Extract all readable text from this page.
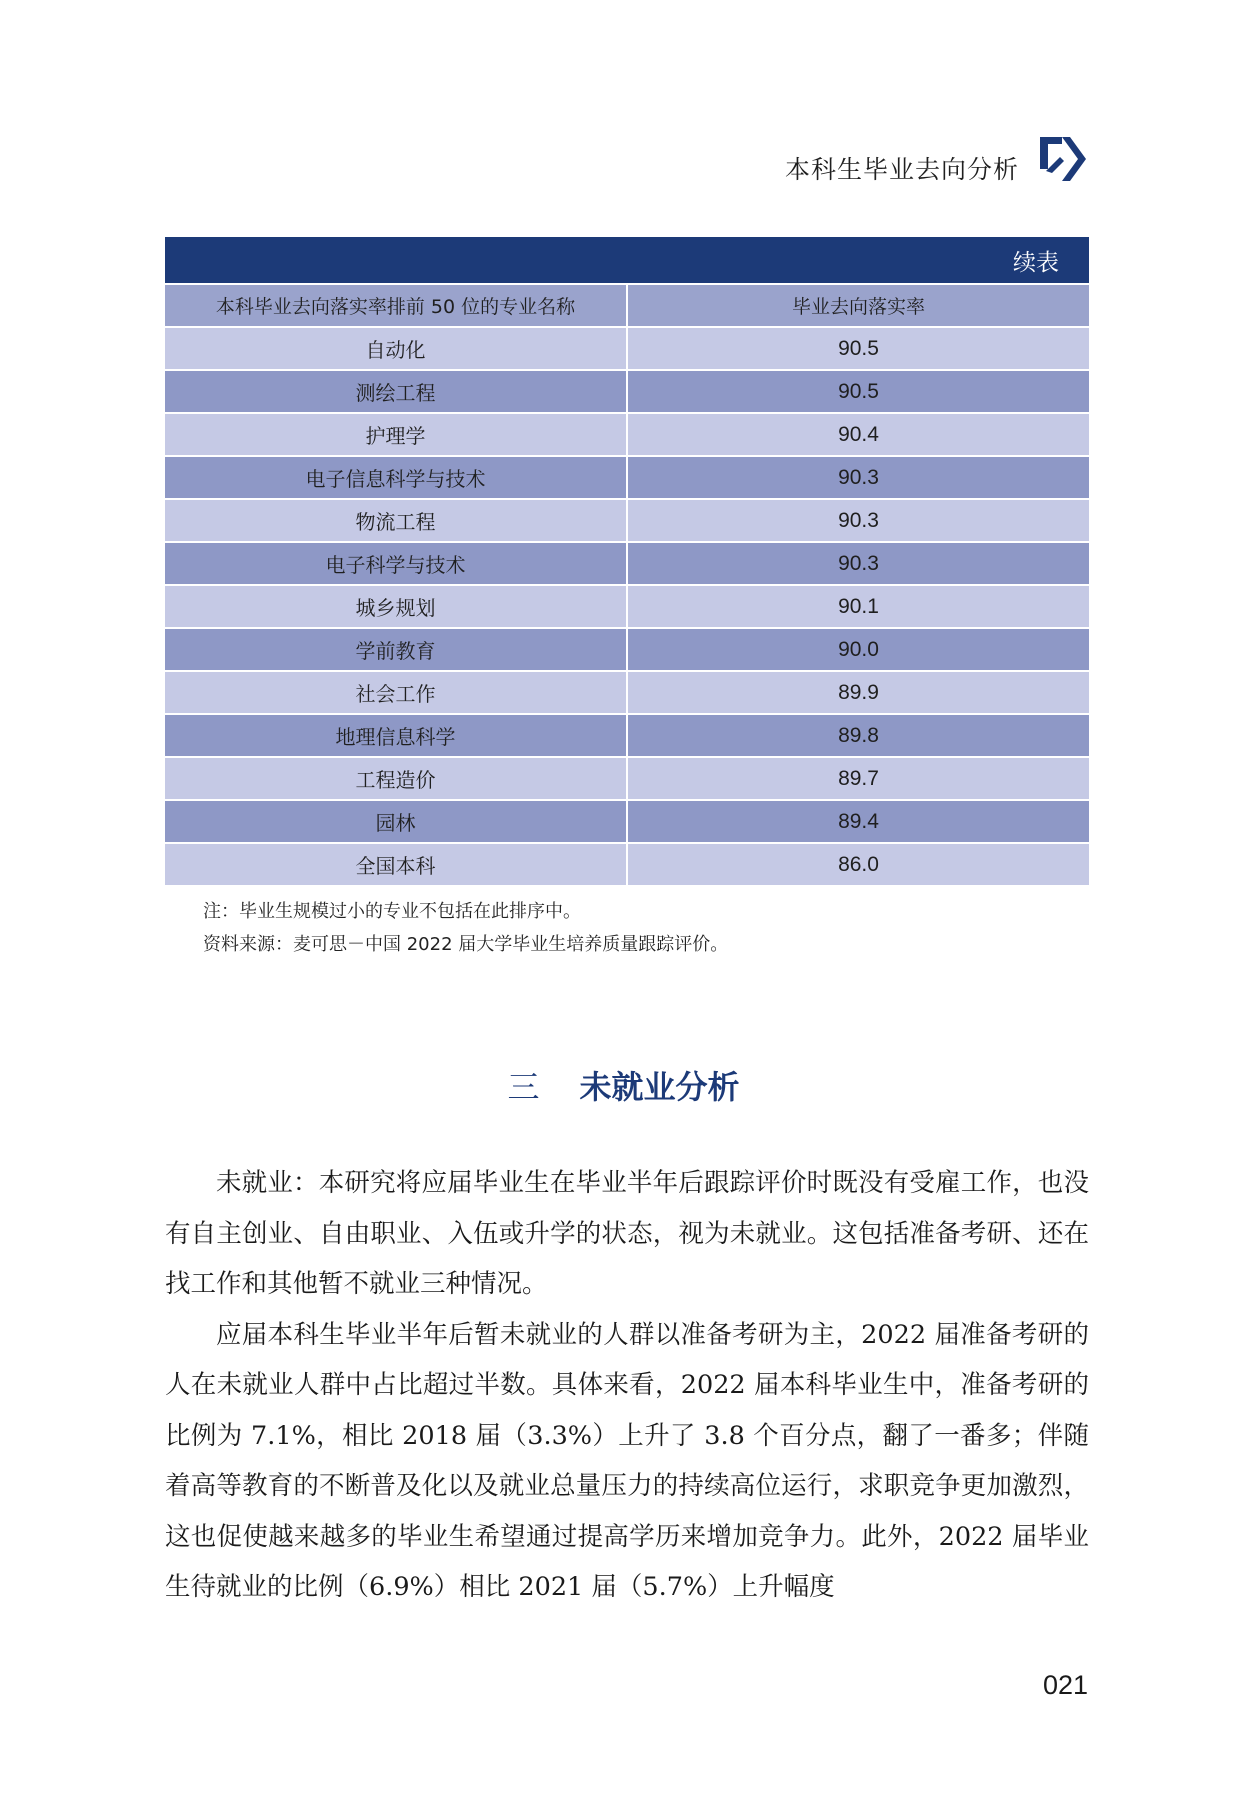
本科生毕业去向分析
续表
本科毕业去向落实率排前 50 位的专业名称	毕业去向落实率
自动化	90.5
测绘工程	90.5
护理学	90.4
电子信息科学与技术	90.3
物流工程	90.3
电子科学与技术	90.3
城乡规划	90.1
学前教育	90.0
社会工作	89.9
地理信息科学	89.8
工程造价	89.7
园林	89.4
全国本科	86.0
注：毕业生规模过小的专业不包括在此排序中。
资料来源：麦可思－中国 2022 届大学毕业生培养质量跟踪评价。
三 未就业分析

未就业：本研究将应届毕业生在毕业半年后跟踪评价时既没有受雇工作，也没有自主创业、自由职业、入伍或升学的状态，视为未就业。这包括准备考研、还在找工作和其他暂不就业三种情况。

应届本科生毕业半年后暂未就业的人群以准备考研为主，2022 届准备考研的人在未就业人群中占比超过半数。具体来看，2022 届本科毕业生中，准备考研的比例为 7.1%，相比 2018 届（3.3%）上升了 3.8 个百分点，翻了一番多；伴随着高等教育的不断普及化以及就业总量压力的持续高位运行，求职竞争更加激烈，这也促使越来越多的毕业生希望通过提高学历来增加竞争力。此外，2022 届毕业生待就业的比例（6.9%）相比 2021 届（5.7%）上升幅度

021
